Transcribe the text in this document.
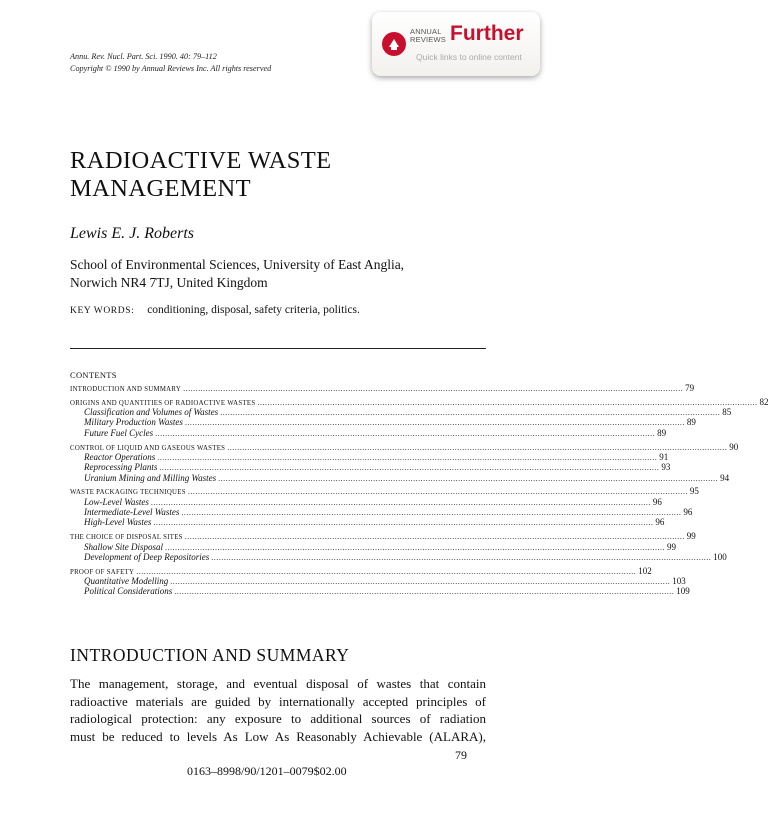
Annu. Rev. Nucl. Part. Sci. 1990. 40: 79–112
Copyright © 1990 by Annual Reviews Inc. All rights reserved
ANNUAL
REVIEWS Further
Quick links to online content
RADIOACTIVE WASTE MANAGEMENT
Lewis E. J. Roberts
School of Environmental Sciences, University of East Anglia,
Norwich NR4 7TJ, United Kingdom
KEY WORDS: conditioning, disposal, safety criteria, politics.
CONTENTS
INTRODUCTION AND SUMMARY ........................................................................................................................................................................................................ 79
ORIGINS AND QUANTITIES OF RADIOACTIVE WASTES ........................................................................................................................................................................................................ 82
Classification and Volumes of Wastes ........................................................................................................................................................................................................ 85
Military Production Wastes ........................................................................................................................................................................................................ 89
Future Fuel Cycles ........................................................................................................................................................................................................ 89
CONTROL OF LIQUID AND GASEOUS WASTES ........................................................................................................................................................................................................ 90
Reactor Operations ........................................................................................................................................................................................................ 91
Reprocessing Plants ........................................................................................................................................................................................................ 93
Uranium Mining and Milling Wastes ........................................................................................................................................................................................................ 94
WASTE PACKAGING TECHNIQUES ........................................................................................................................................................................................................ 95
Low-Level Wastes ........................................................................................................................................................................................................ 96
Intermediate-Level Wastes ........................................................................................................................................................................................................ 96
High-Level Wastes ........................................................................................................................................................................................................ 96
THE CHOICE OF DISPOSAL SITES ........................................................................................................................................................................................................ 99
Shallow Site Disposal ........................................................................................................................................................................................................ 99
Development of Deep Repositories ........................................................................................................................................................................................................ 100
PROOF OF SAFETY ........................................................................................................................................................................................................ 102
Quantitative Modelling ........................................................................................................................................................................................................ 103
Political Considerations ........................................................................................................................................................................................................ 109
INTRODUCTION AND SUMMARY
The management, storage, and eventual disposal of wastes that contain
radioactive materials are guided by internationally accepted principles of
radiological protection: any exposure to additional sources of radiation
must be reduced to levels As Low As Reasonably Achievable (ALARA),
79
0163–8998/90/1201–0079$02.00
